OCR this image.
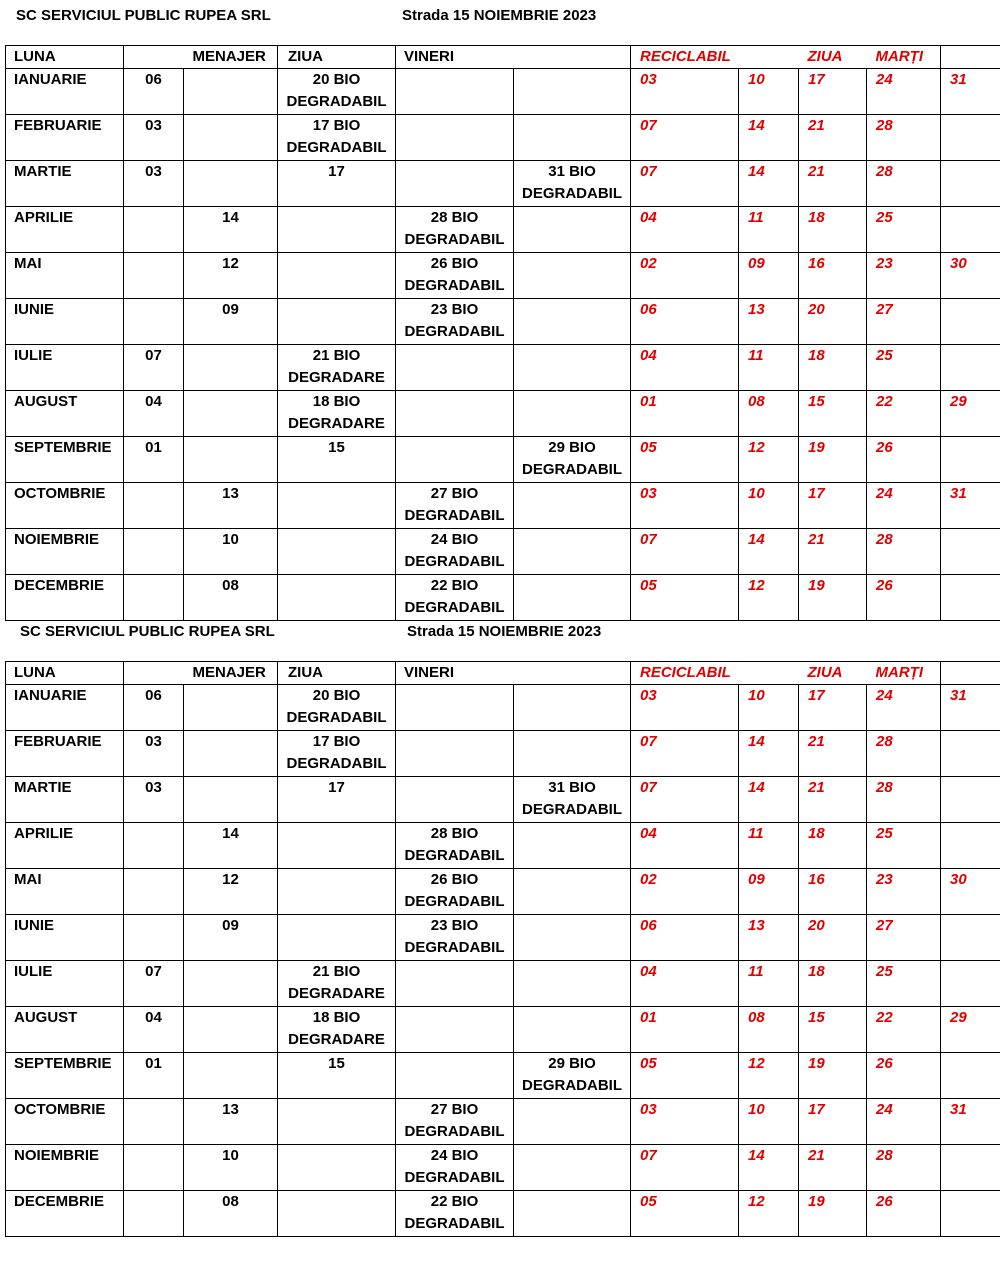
SC SERVICIUL PUBLIC RUPEA SRL	Strada 15 NOIEMBRIE 2023
LUNA		MENAJER	ZIUA	VINERI		RECICLABIL		ZIUA	MARȚI	
IANUARIE	06		20 BIO DEGRADABIL			03	10	17	24	31
FEBRUARIE	03		17 BIO DEGRADABIL			07	14	21	28	
MARTIE	03		17		31 BIO DEGRADABIL	07	14	21	28	
APRILIE		14		28 BIO DEGRADABIL		04	11	18	25	
MAI		12		26 BIO DEGRADABIL		02	09	16	23	30
IUNIE		09		23 BIO DEGRADABIL		06	13	20	27	
IULIE	07		21 BIO DEGRADARE			04	11	18	25	
AUGUST	04		18 BIO DEGRADARE			01	08	15	22	29
SEPTEMBRIE	01		15		29 BIO DEGRADABIL	05	12	19	26	
OCTOMBRIE		13		27 BIO DEGRADABIL		03	10	17	24	31
NOIEMBRIE		10		24 BIO DEGRADABIL		07	14	21	28	
DECEMBRIE		08		22 BIO DEGRADABIL		05	12	19	26	
SC SERVICIUL PUBLIC RUPEA SRL	Strada 15 NOIEMBRIE 2023
LUNA		MENAJER	ZIUA	VINERI		RECICLABIL		ZIUA	MARȚI	
IANUARIE	06		20 BIO DEGRADABIL			03	10	17	24	31
FEBRUARIE	03		17 BIO DEGRADABIL			07	14	21	28	
MARTIE	03		17		31 BIO DEGRADABIL	07	14	21	28	
APRILIE		14		28 BIO DEGRADABIL		04	11	18	25	
MAI		12		26 BIO DEGRADABIL		02	09	16	23	30
IUNIE		09		23 BIO DEGRADABIL		06	13	20	27	
IULIE	07		21 BIO DEGRADARE			04	11	18	25	
AUGUST	04		18 BIO DEGRADARE			01	08	15	22	29
SEPTEMBRIE	01		15		29 BIO DEGRADABIL	05	12	19	26	
OCTOMBRIE		13		27 BIO DEGRADABIL		03	10	17	24	31
NOIEMBRIE		10		24 BIO DEGRADABIL		07	14	21	28	
DECEMBRIE		08		22 BIO DEGRADABIL		05	12	19	26	
